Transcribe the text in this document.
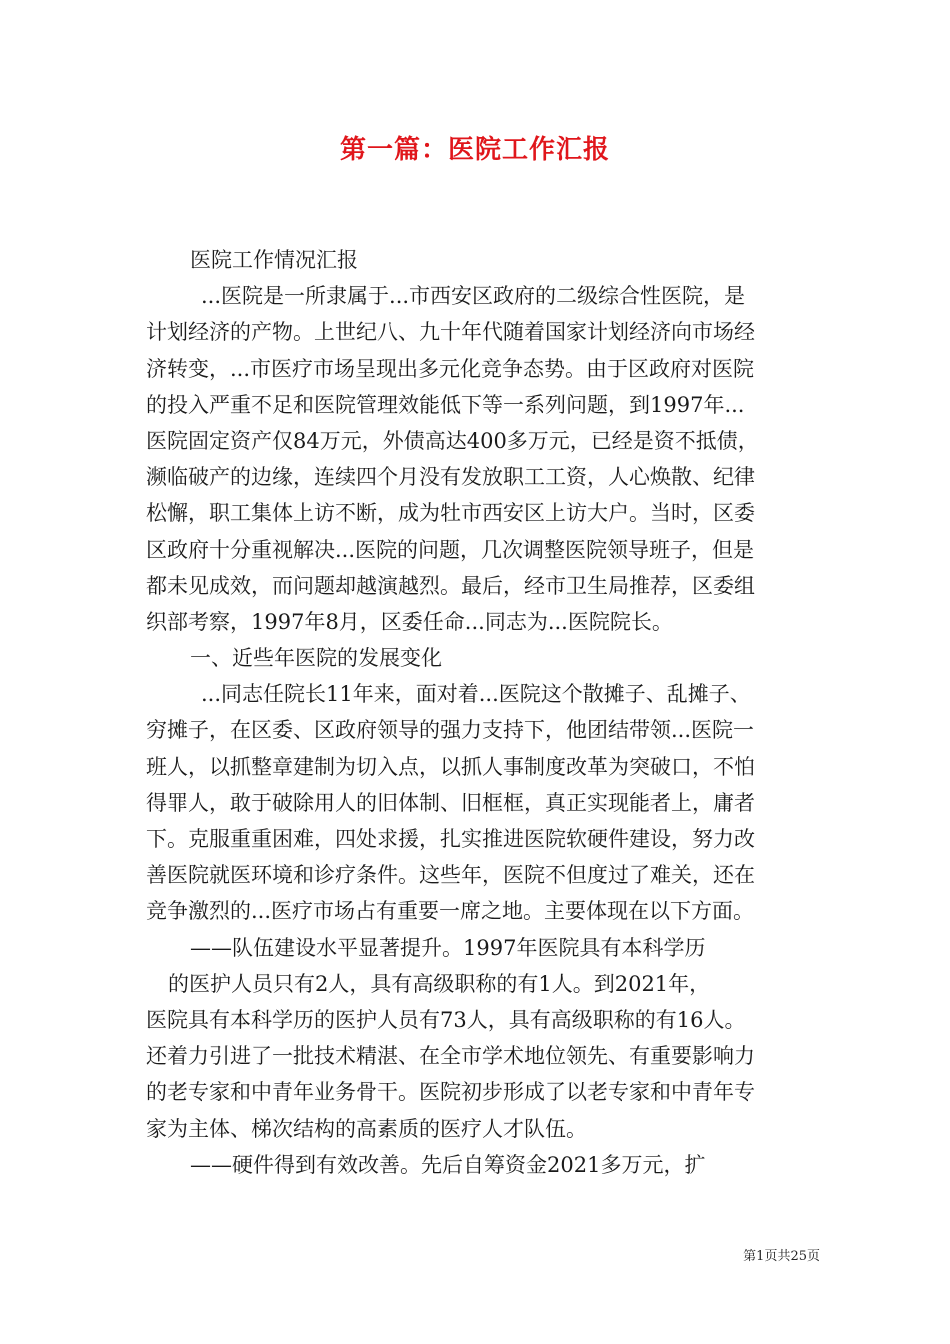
第一篇：医院工作汇报
医院工作情况汇报
...医院是一所隶属于...市西安区政府的二级综合性医院，是
计划经济的产物。上世纪八、九十年代随着国家计划经济向市场经
济转变，...市医疗市场呈现出多元化竞争态势。由于区政府对医院
的投入严重不足和医院管理效能低下等一系列问题，到1997年...
医院固定资产仅84万元，外债高达400多万元，已经是资不抵债，
濒临破产的边缘，连续四个月没有发放职工工资，人心焕散、纪律
松懈，职工集体上访不断，成为牡市西安区上访大户。当时，区委
区政府十分重视解决...医院的问题，几次调整医院领导班子，但是
都未见成效，而问题却越演越烈。最后，经市卫生局推荐，区委组
织部考察，1997年8月，区委任命...同志为...医院院长。
一、近些年医院的发展变化
...同志任院长11年来，面对着...医院这个散摊子、乱摊子、
穷摊子，在区委、区政府领导的强力支持下，他团结带领...医院一
班人，以抓整章建制为切入点，以抓人事制度改革为突破口，不怕
得罪人，敢于破除用人的旧体制、旧框框，真正实现能者上，庸者
下。克服重重困难，四处求援，扎实推进医院软硬件建设，努力改
善医院就医环境和诊疗条件。这些年，医院不但度过了难关，还在
竞争激烈的...医疗市场占有重要一席之地。主要体现在以下方面。
——队伍建设水平显著提升。1997年医院具有本科学历
的医护人员只有2人，具有高级职称的有1人。到2021年，
医院具有本科学历的医护人员有73人，具有高级职称的有16人。
还着力引进了一批技术精湛、在全市学术地位领先、有重要影响力
的老专家和中青年业务骨干。医院初步形成了以老专家和中青年专
家为主体、梯次结构的高素质的医疗人才队伍。
——硬件得到有效改善。先后自筹资金2021多万元，扩
第1页共25页
